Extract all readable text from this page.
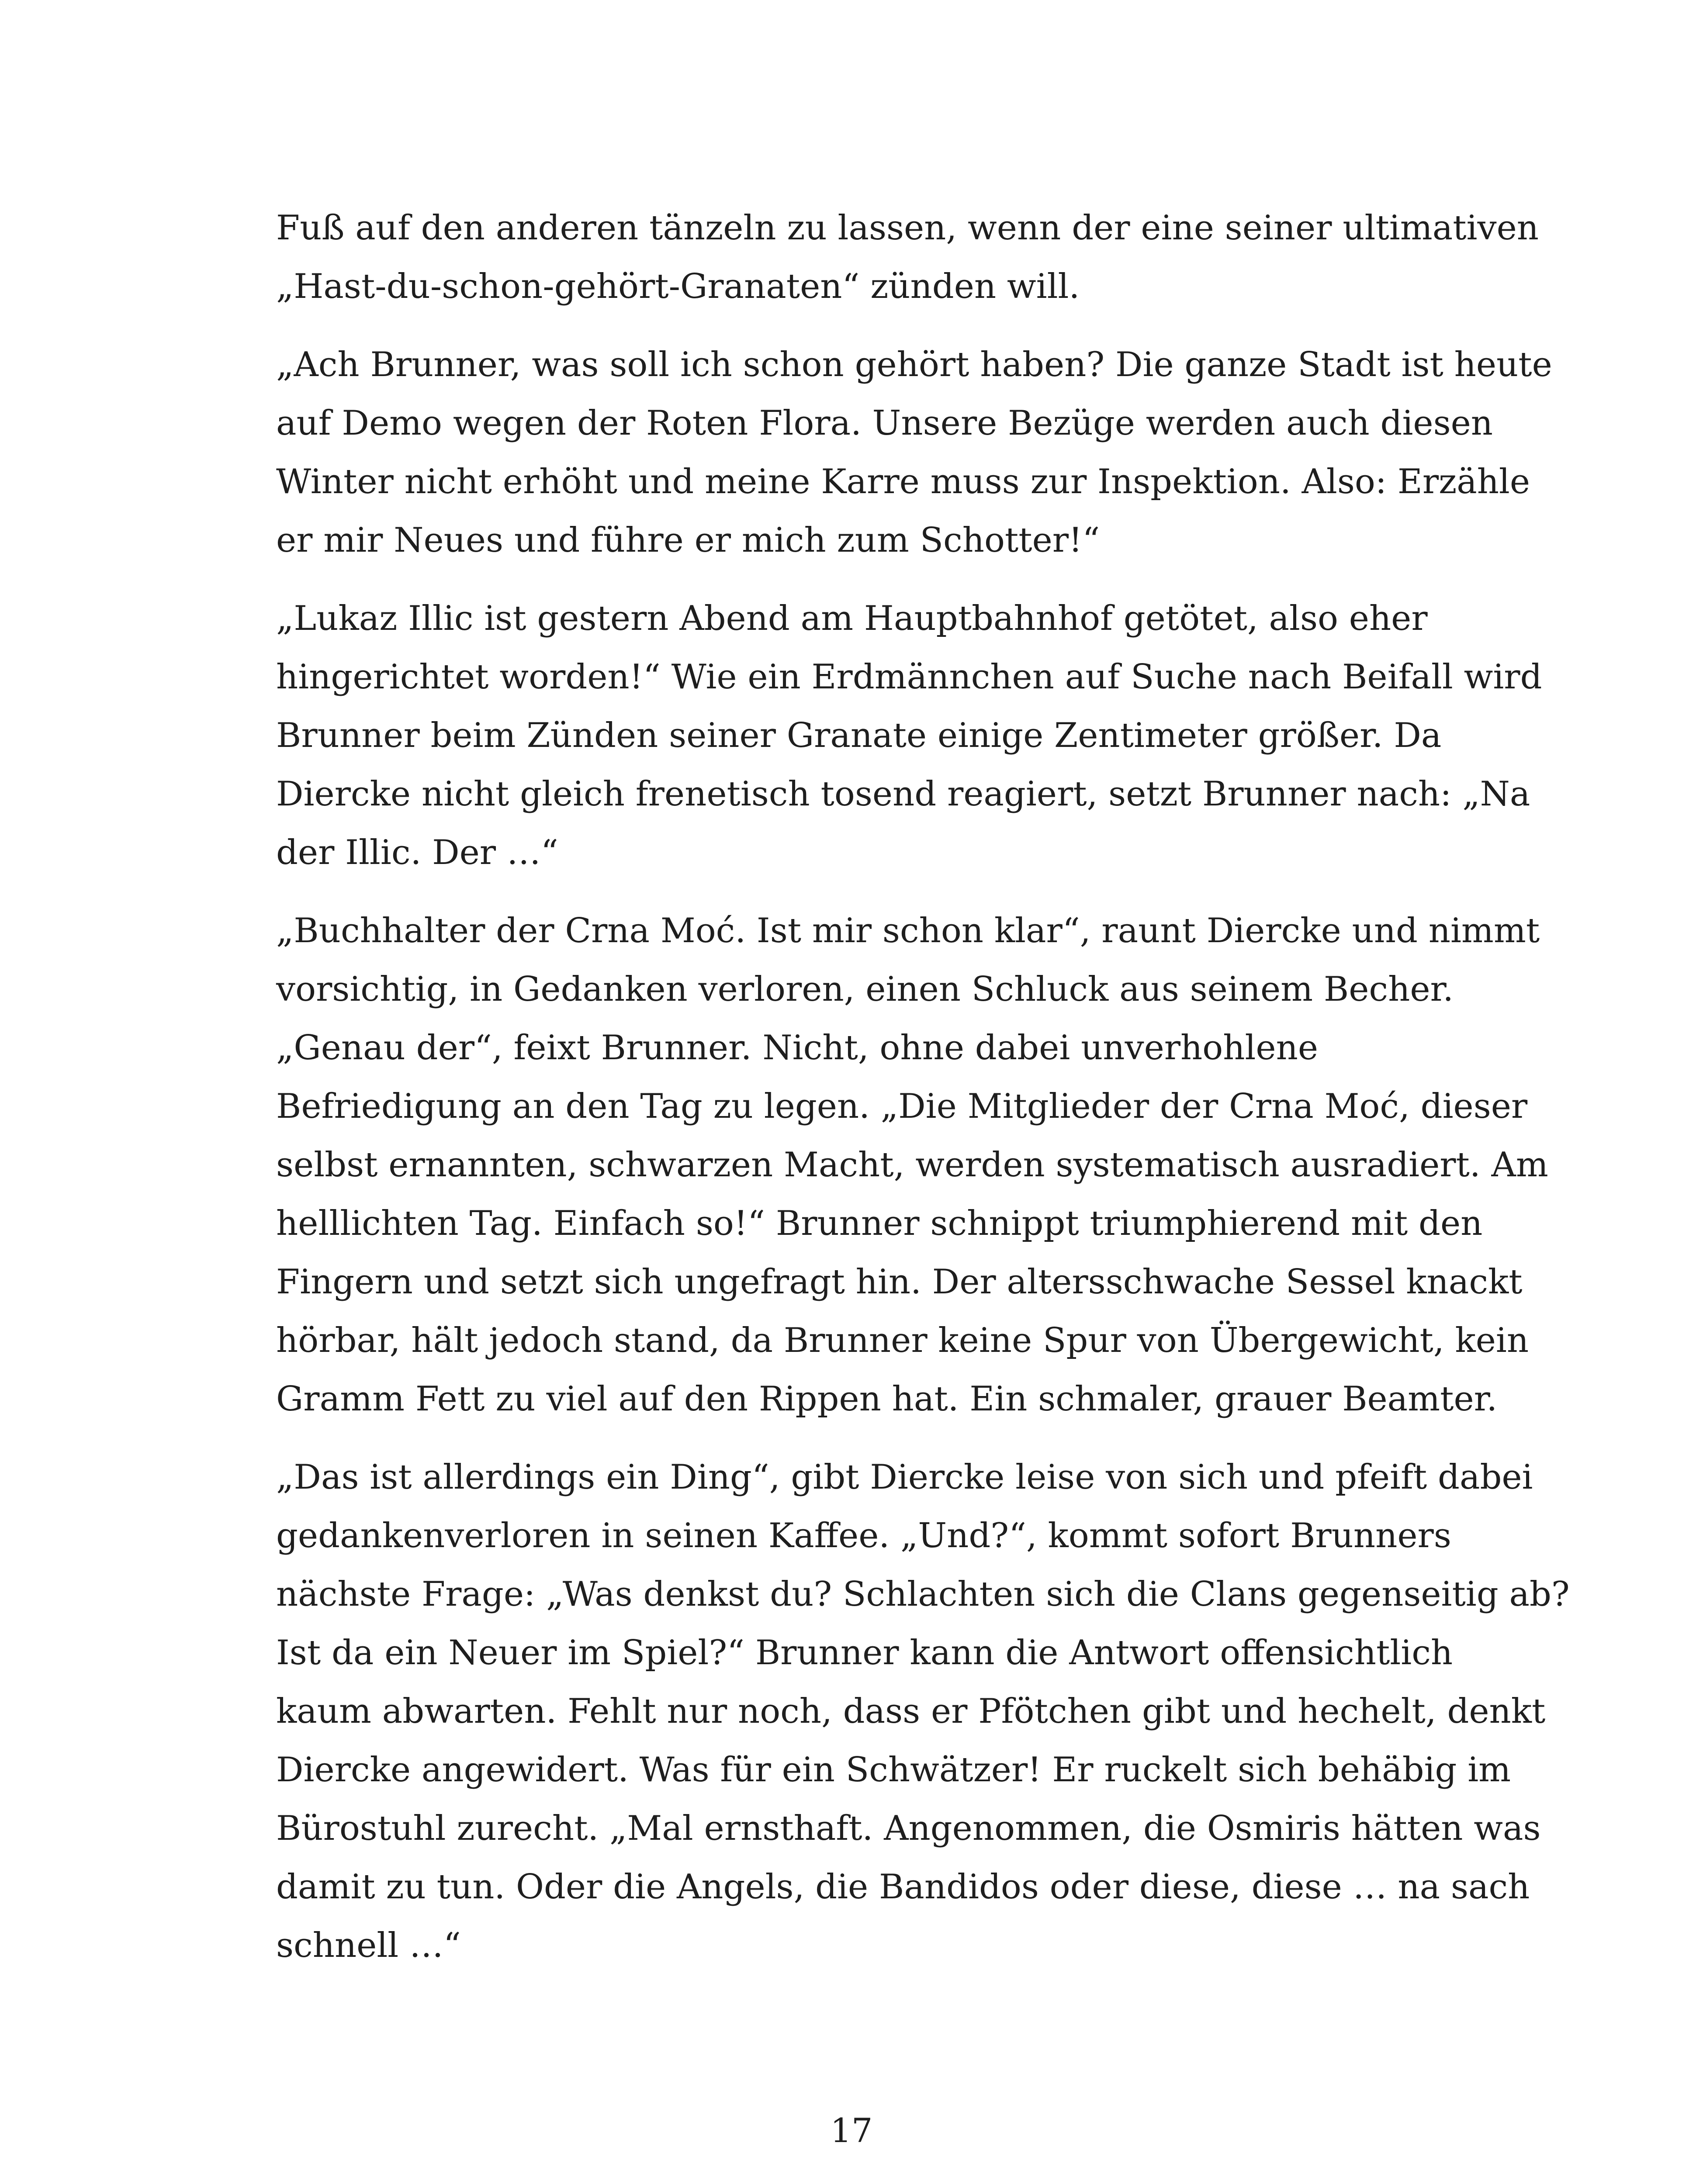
Fuß auf den anderen tänzeln zu lassen, wenn der eine seiner ultimativen
„Hast-du-schon-gehört-Granaten“ zünden will.
„Ach Brunner, was soll ich schon gehört haben? Die ganze Stadt ist heute
auf Demo wegen der Roten Flora. Unsere Bezüge werden auch diesen
Winter nicht erhöht und meine Karre muss zur Inspektion. Also: Erzähle
er mir Neues und führe er mich zum Schotter!“
„Lukaz Illic ist gestern Abend am Hauptbahnhof getötet, also eher
hingerichtet worden!“ Wie ein Erdmännchen auf Suche nach Beifall wird
Brunner beim Zünden seiner Granate einige Zentimeter größer. Da
Diercke nicht gleich frenetisch tosend reagiert, setzt Brunner nach: „Na
der Illic. Der …“
„Buchhalter der Crna Moć. Ist mir schon klar“, raunt Diercke und nimmt
vorsichtig, in Gedanken verloren, einen Schluck aus seinem Becher.
„Genau der“, feixt Brunner. Nicht, ohne dabei unverhohlene
Befriedigung an den Tag zu legen. „Die Mitglieder der Crna Moć, dieser
selbst ernannten, schwarzen Macht, werden systematisch ausradiert. Am
helllichten Tag. Einfach so!“ Brunner schnippt triumphierend mit den
Fingern und setzt sich ungefragt hin. Der altersschwache Sessel knackt
hörbar, hält jedoch stand, da Brunner keine Spur von Übergewicht, kein
Gramm Fett zu viel auf den Rippen hat. Ein schmaler, grauer Beamter.
„Das ist allerdings ein Ding“, gibt Diercke leise von sich und pfeift dabei
gedankenverloren in seinen Kaffee. „Und?“, kommt sofort Brunners
nächste Frage: „Was denkst du? Schlachten sich die Clans gegenseitig ab?
Ist da ein Neuer im Spiel?“ Brunner kann die Antwort offensichtlich
kaum abwarten. Fehlt nur noch, dass er Pfötchen gibt und hechelt, denkt
Diercke angewidert. Was für ein Schwätzer! Er ruckelt sich behäbig im
Bürostuhl zurecht. „Mal ernsthaft. Angenommen, die Osmiris hätten was
damit zu tun. Oder die Angels, die Bandidos oder diese, diese … na sach
schnell …“
17
